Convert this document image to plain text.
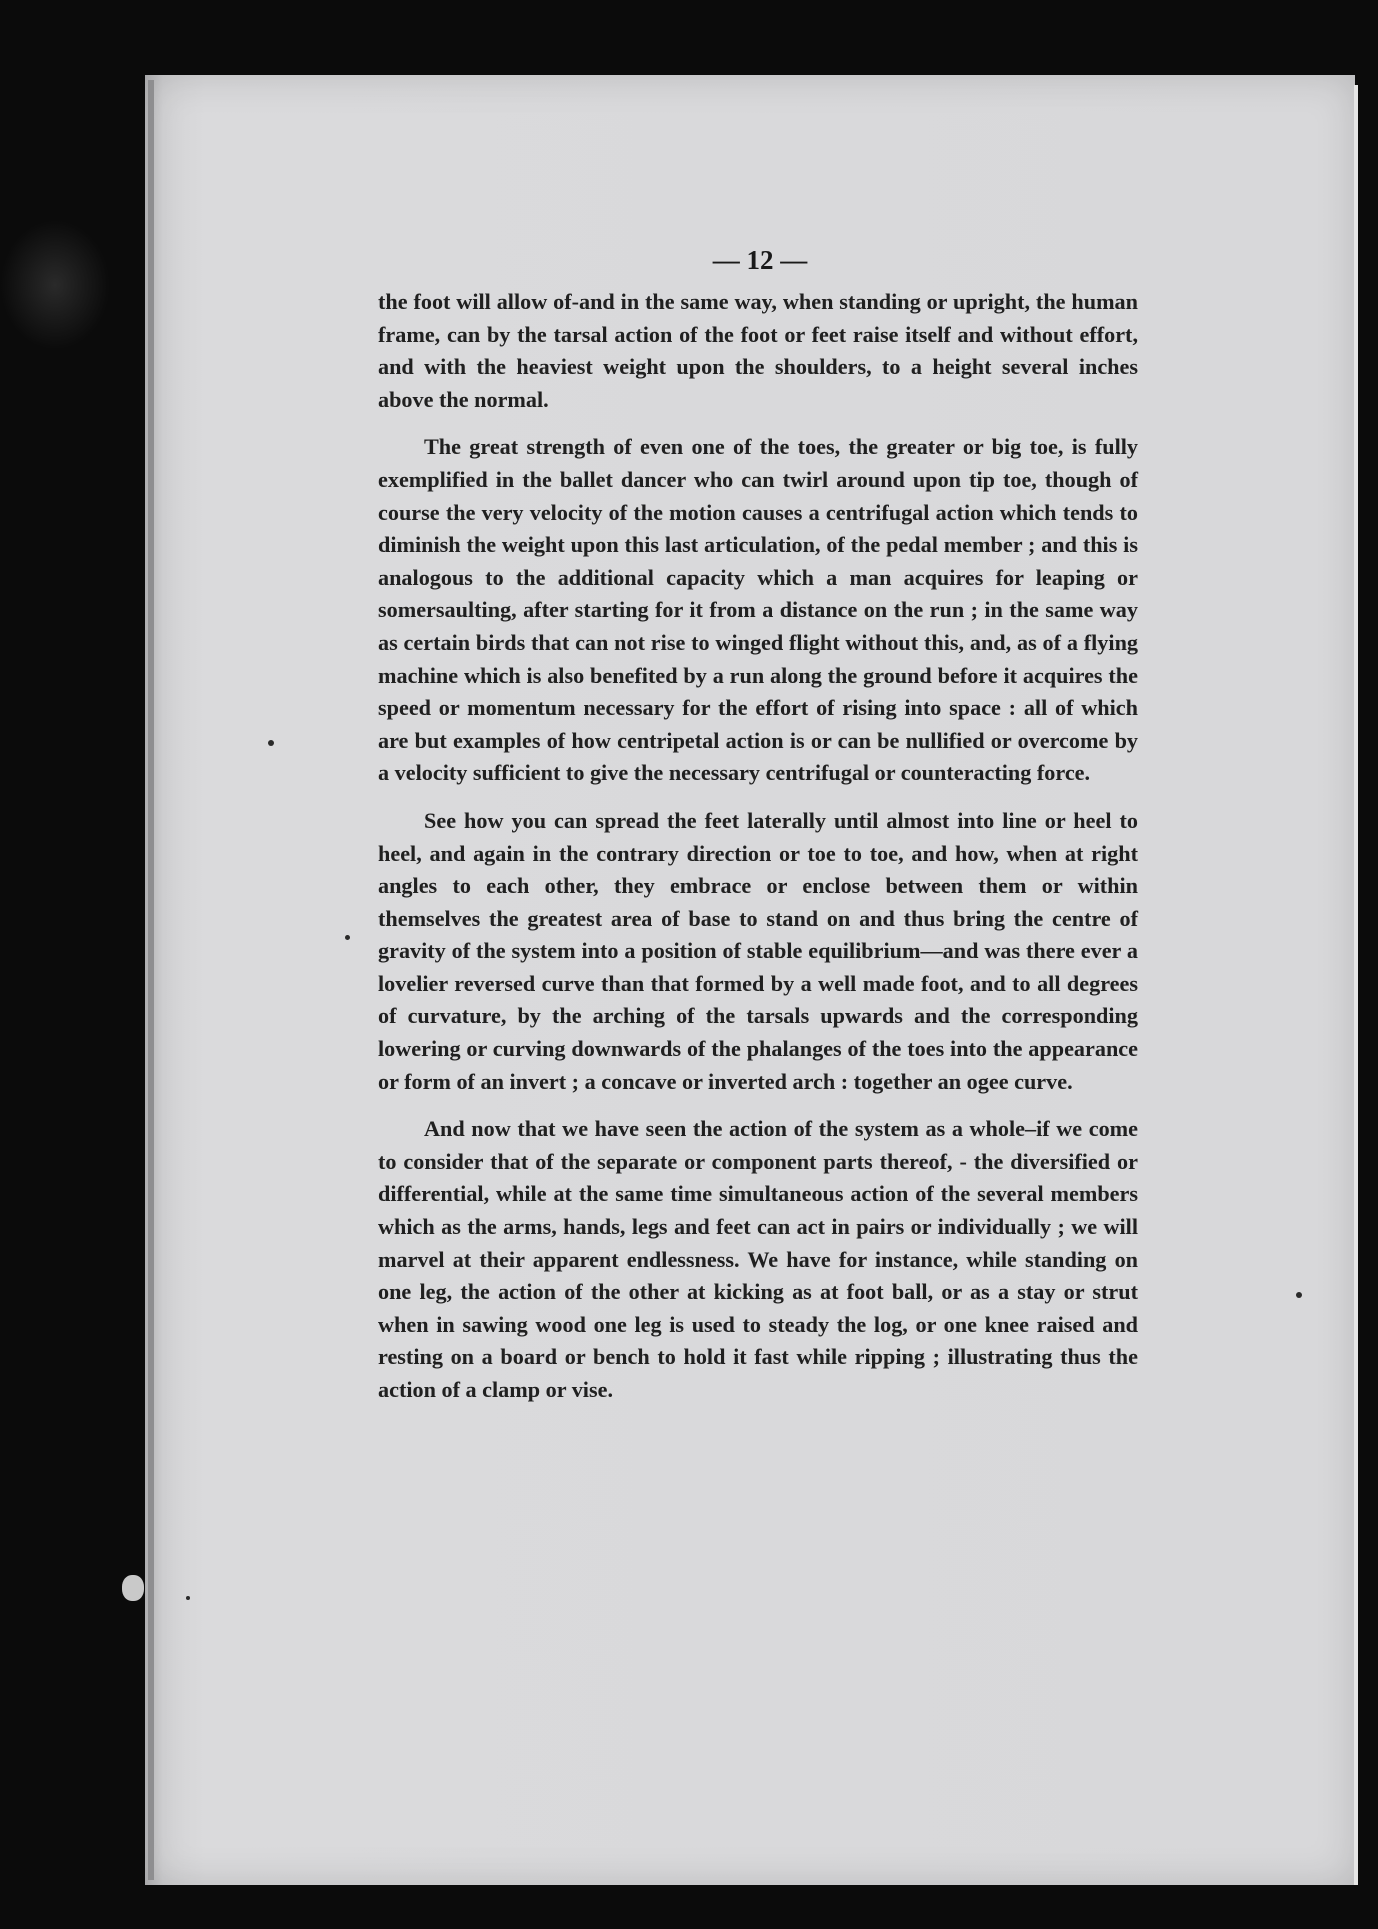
— 12 —

the foot will allow of-and in the same way, when standing or upright, the human frame, can by the tarsal action of the foot or feet raise itself and without effort, and with the heaviest weight upon the shoulders, to a height several inches above the normal.

The great strength of even one of the toes, the greater or big toe, is fully exemplified in the ballet dancer who can twirl around upon tip toe, though of course the very velocity of the motion causes a centrifugal action which tends to diminish the weight upon this last articulation, of the pedal member ; and this is analogous to the additional capacity which a man acquires for leaping or somersaulting, after starting for it from a distance on the run ; in the same way as certain birds that can not rise to winged flight without this, and, as of a flying machine which is also benefited by a run along the ground before it acquires the speed or momentum necessary for the effort of rising into space : all of which are but examples of how centripetal action is or can be nullified or overcome by a velocity sufficient to give the necessary centrifugal or counteracting force.

See how you can spread the feet laterally until almost into line or heel to heel, and again in the contrary direction or toe to toe, and how, when at right angles to each other, they embrace or enclose between them or within themselves the greatest area of base to stand on and thus bring the centre of gravity of the system into a position of stable equilibrium—and was there ever a lovelier reversed curve than that formed by a well made foot, and to all degrees of curvature, by the arching of the tarsals upwards and the corresponding lowering or curving downwards of the phalanges of the toes into the appearance or form of an invert ; a concave or inverted arch : together an ogee curve.

And now that we have seen the action of the system as a whole–if we come to consider that of the separate or component parts thereof, - the diversified or differential, while at the same time simultaneous action of the several members which as the arms, hands, legs and feet can act in pairs or individually ; we will marvel at their apparent endlessness. We have for instance, while standing on one leg, the action of the other at kicking as at foot ball, or as a stay or strut when in sawing wood one leg is used to steady the log, or one knee raised and resting on a board or bench to hold it fast while ripping ; illustrating thus the action of a clamp or vise.
